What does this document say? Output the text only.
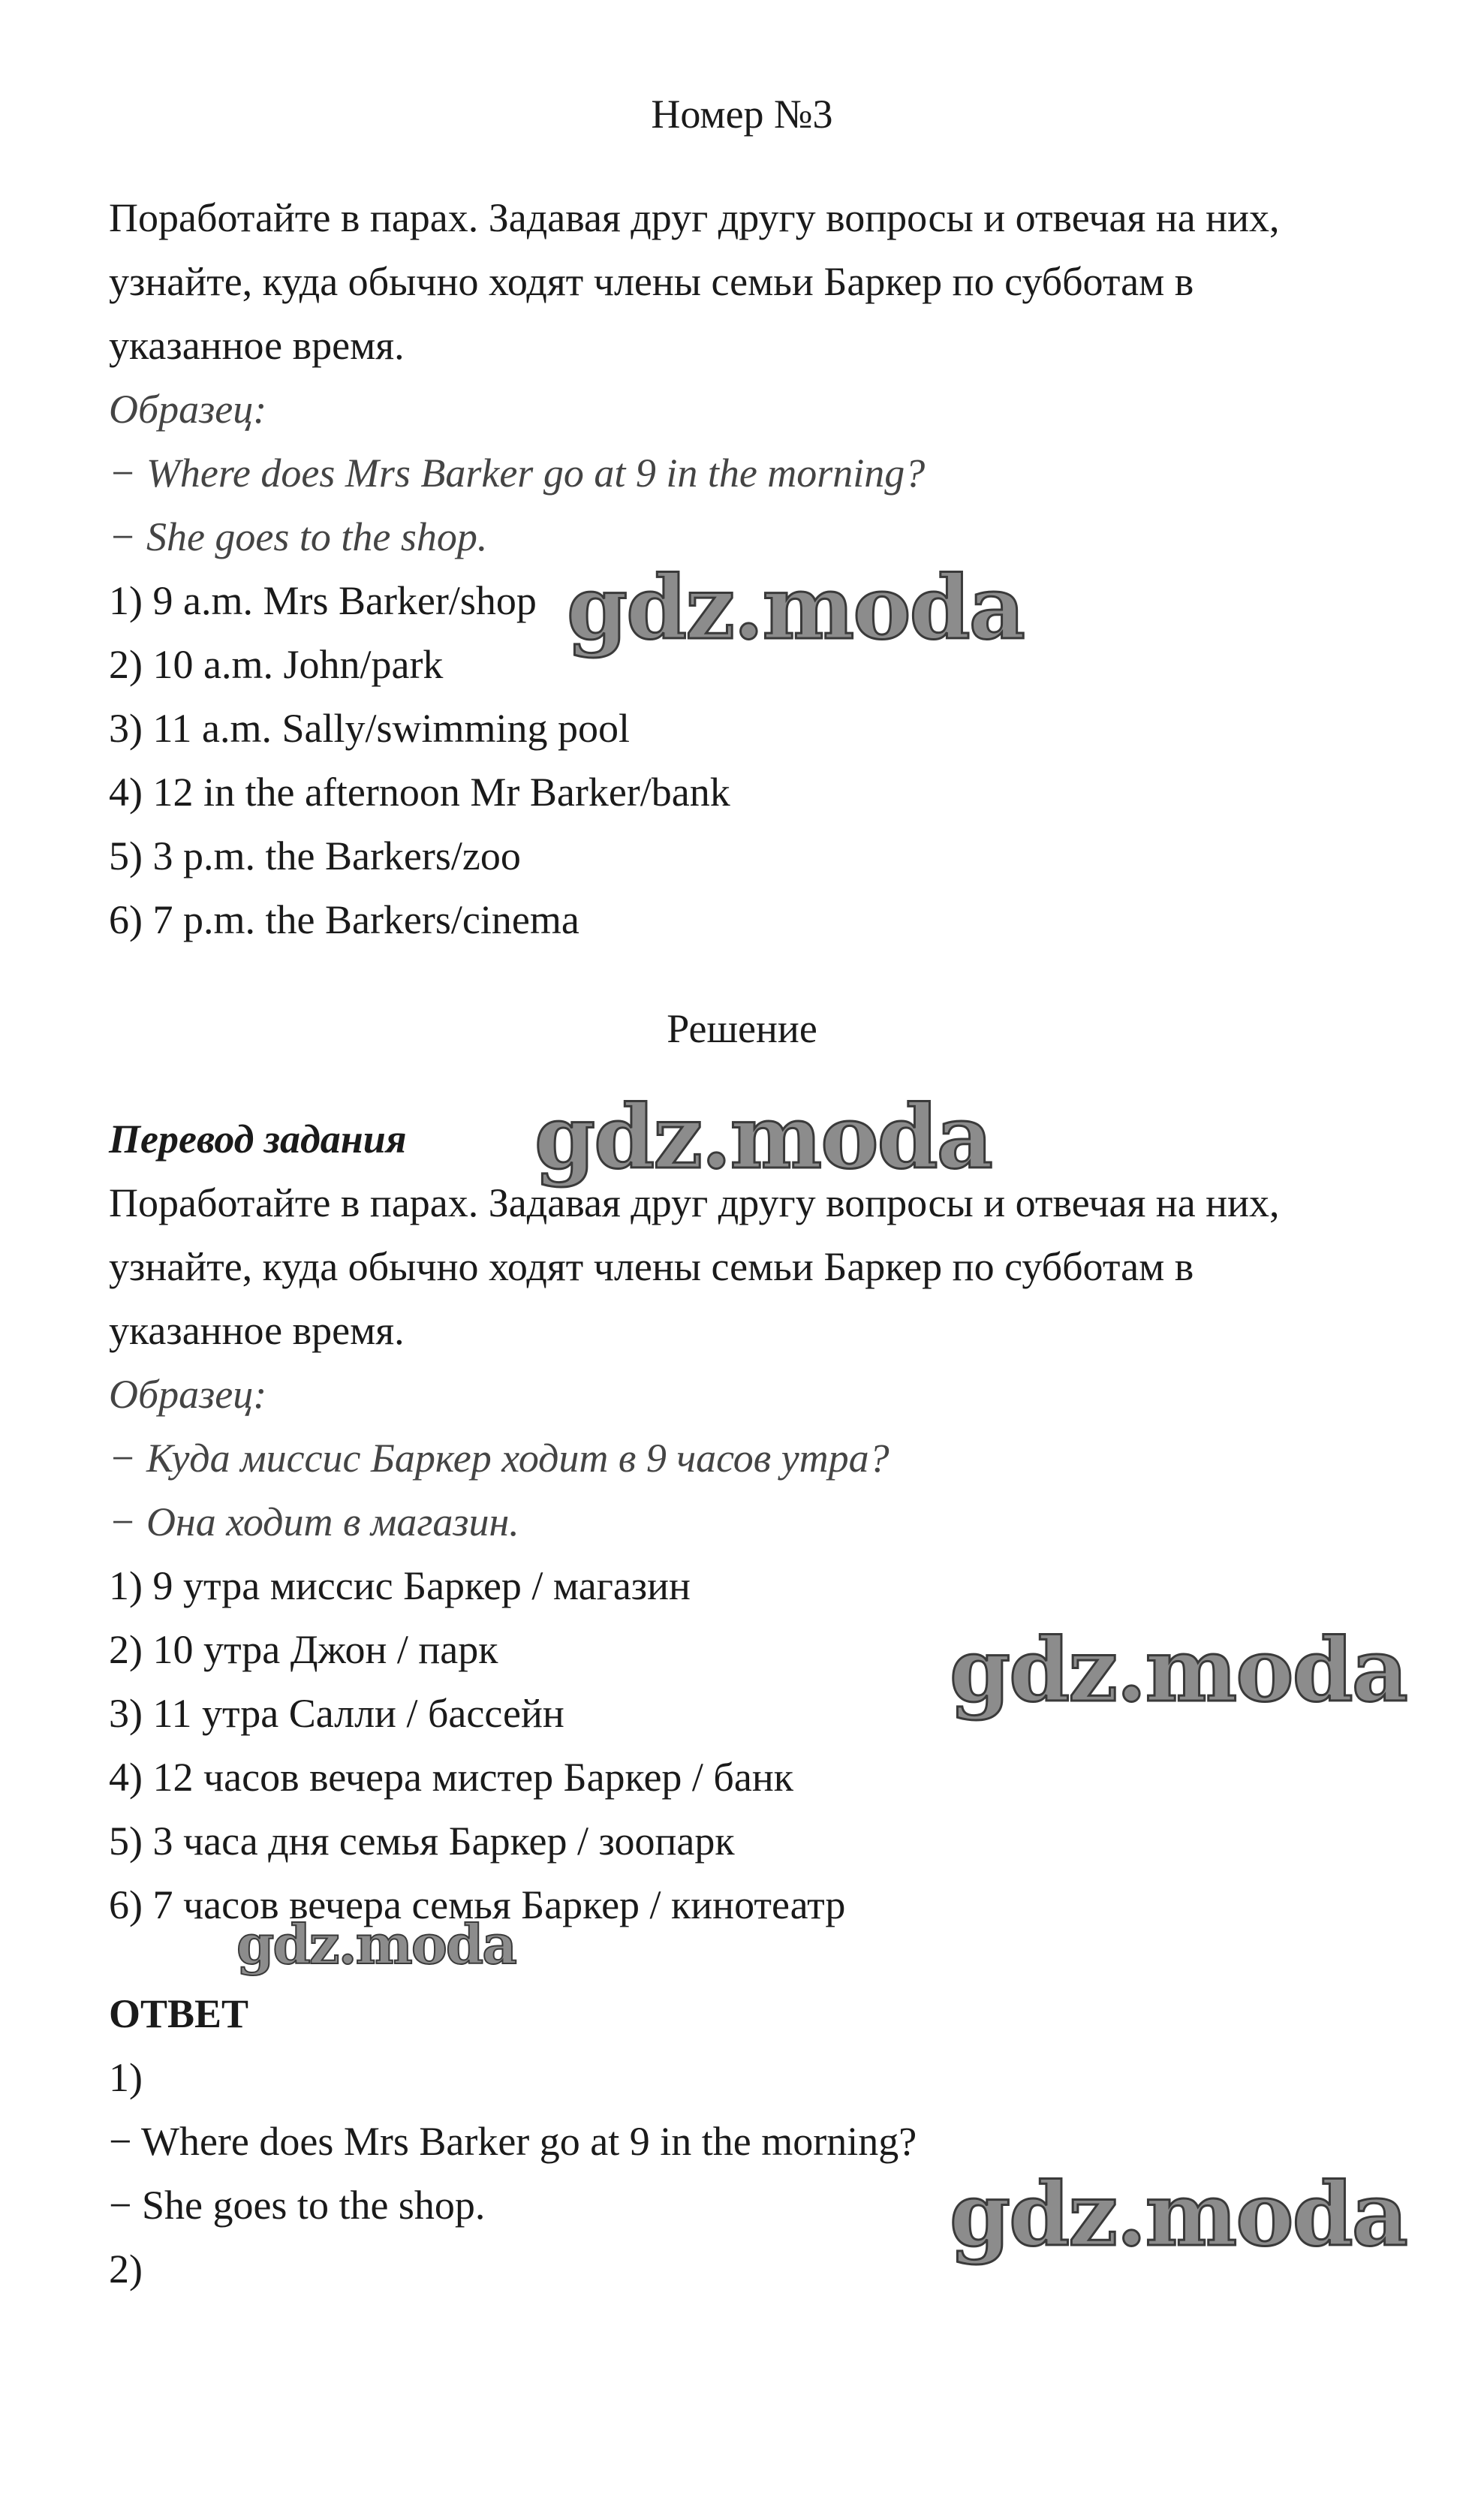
Номер №3
Поработайте в парах. Задавая друг другу вопросы и отвечая на них,
узнайте, куда обычно ходят члены семьи Баркер по субботам в
указанное время.
Образец:
− Where does Mrs Barker go at 9 in the morning?
− She goes to the shop.
1) 9 a.m. Mrs Barker/shop
2) 10 a.m. John/park
3) 11 a.m. Sally/swimming pool
4) 12 in the afternoon Mr Barker/bank
5) 3 p.m. the Barkers/zoo
6) 7 p.m. the Barkers/cinema
Решение
Перевод задания
Поработайте в парах. Задавая друг другу вопросы и отвечая на них,
узнайте, куда обычно ходят члены семьи Баркер по субботам в
указанное время.
Образец:
− Куда миссис Баркер ходит в 9 часов утра?
− Она ходит в магазин.
1) 9 утра миссис Баркер / магазин
2) 10 утра Джон / парк
3) 11 утра Салли / бассейн
4) 12 часов вечера мистер Баркер / банк
5) 3 часа дня семья Баркер / зоопарк
6) 7 часов вечера семья Баркер / кинотеатр
ОТВЕТ
1)
− Where does Mrs Barker go at 9 in the morning?
− She goes to the shop.
2)
gdz.moda
gdz.moda
gdz.moda
gdz.moda
gdz.moda
